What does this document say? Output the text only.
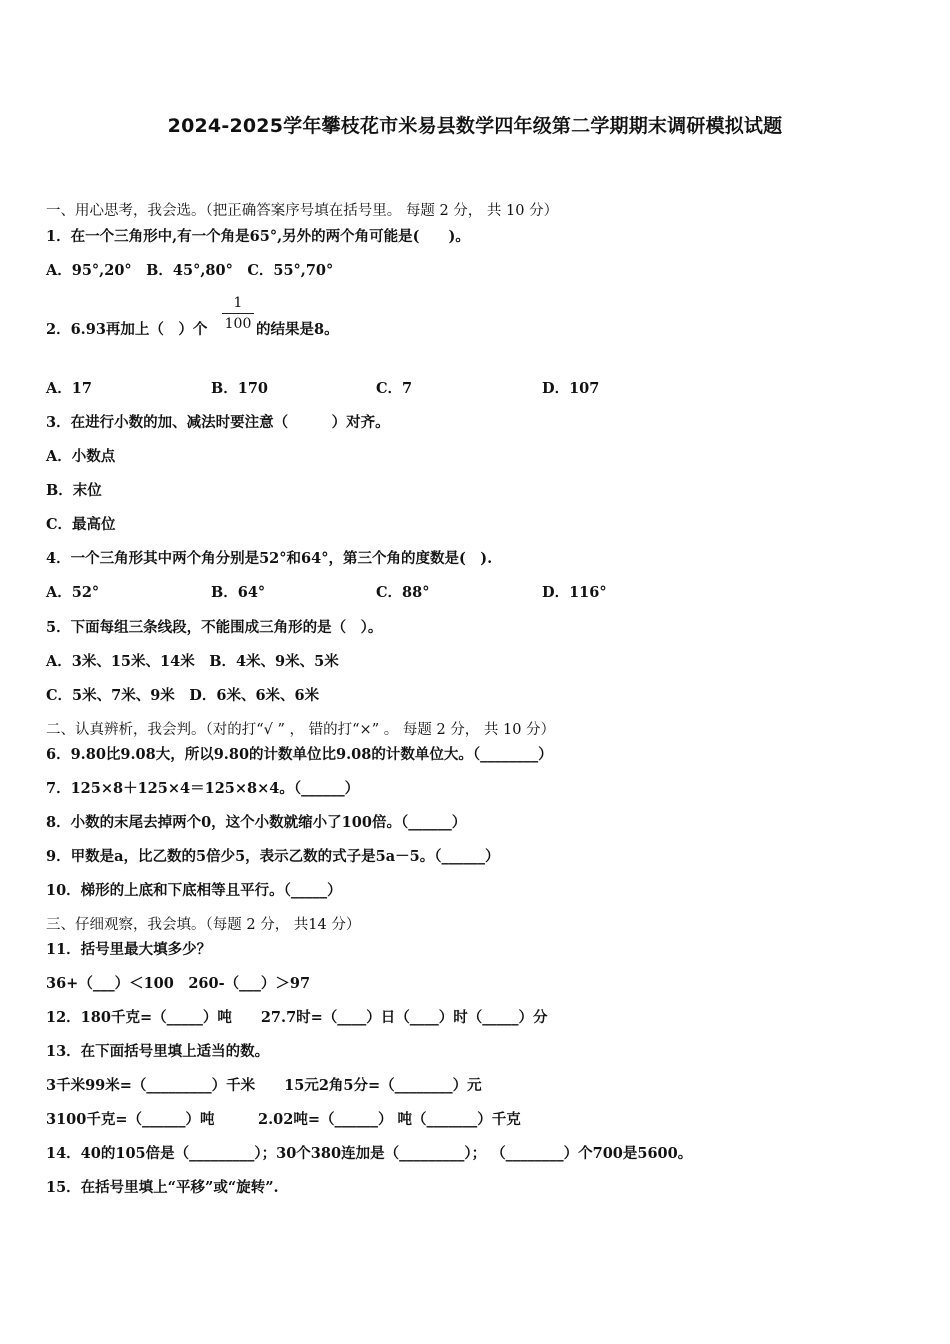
2024-2025学年攀枝花市米易县数学四年级第二学期期末调研模拟试题
一、用心思考，我会选。（把正确答案序号填在括号里。 每题 2 分， 共 10 分）
1．在一个三角形中,有一个角是65°,另外的两个角可能是(　　)。
A．95°,20°　B．45°,80°　C．55°,70°
2．6.93再加上（　）个 $\frac{1}{100}$ 的结果是8。
A．17	B．170	C．7	D．107
3．在进行小数的加、减法时要注意（　　　）对齐。
A．小数点
B．末位
C．最高位
4．一个三角形其中两个角分别是52°和64°，第三个角的度数是(　).
A．52°	B．64°	C．88°	D．116°
5．下面每组三条线段，不能围成三角形的是（　）。
A．3米、15米、14米　B．4米、9米、5米
C．5米、7米、9米　D．6米、6米、6米
二、认真辨析，我会判。（对的打“√ ” ， 错的打“×” 。 每题 2 分， 共 10 分）
6．9.80比9.08大，所以9.80的计数单位比9.08的计数单位大。（________）
7．125×8＋125×4＝125×8×4。（______）
8．小数的末尾去掉两个0，这个小数就缩小了100倍。（______）
9．甲数是a，比乙数的5倍少5，表示乙数的式子是5a－5。（______）
10．梯形的上底和下底相等且平行。（_____）
三、仔细观察，我会填。（每题 2 分， 共14 分）
11．括号里最大填多少？
36+（___）＜100　260-（___）＞97
12．180千克=（_____）吨　　27.7时=（____）日（____）时（_____）分
13．在下面括号里填上适当的数。
3千米99米=（_________）千米　　15元2角5分=（________）元
3100千克=（______）吨　　　2.02吨=（______） 吨（_______）千克
14．40的105倍是（_________）；30个380连加是（_________）； （________）个700是5600。
15．在括号里填上“平移”或“旋转”.
